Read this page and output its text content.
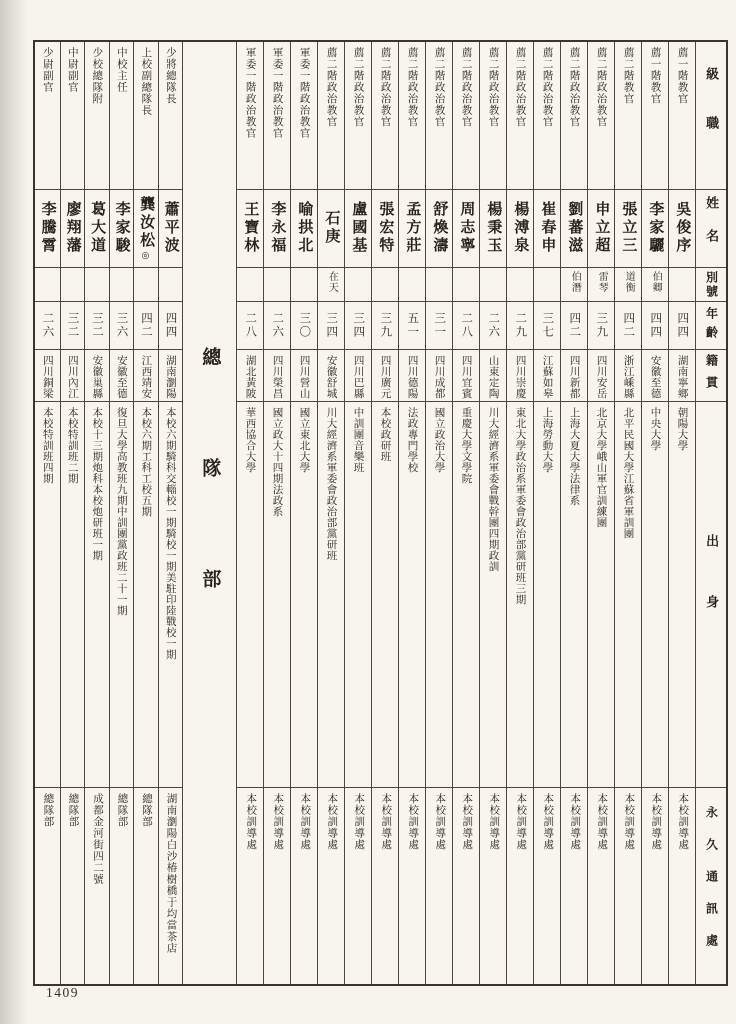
級職
姓名
別號
年齡
籍貫
出身
永久通訊處
薦一階教官
吳俊序
四四
湖南寧鄉
朝陽大學
本校訓導處
薦一階教官
李家驪
伯卿
四四
安徽至德
中央大學
本校訓導處
薦二階教官
張立三
道衡
四二
浙江嵊縣
北平民國大學江蘇省軍訓團
本校訓導處
薦二階政治教官
申立超
雷琴
三九
四川安岳
北京大學峨山軍官訓練團
本校訓導處
薦二階政治教官
劉蕃滋
伯潛
四二
四川新都
上海大夏大學法律系
本校訓導處
薦二階政治教官
崔春申
三七
江蘇如皋
上海勞動大學
本校訓導處
薦二階政治教官
楊溥泉
二九
四川崇慶
東北大學政治系軍委會政治部黨研班三期
本校訓導處
薦二階政治教官
楊秉玉
二六
山東定陶
川大經濟系軍委會戰幹團四期政訓
本校訓導處
薦二階政治教官
周志寧
二八
四川宜賓
重慶大學文學院
本校訓導處
薦二階政治教官
舒煥濤
三一
四川成都
國立政治大學
本校訓導處
薦二階政治教官
孟方莊
五一
四川德陽
法政專門學校
本校訓導處
薦二階政治教官
張宏特
三九
四川廣元
本校政研班
本校訓導處
薦二階政治教官
盧國基
三四
四川巴縣
中訓團音樂班
本校訓導處
薦二階政治教官
石庚
在天
三四
安徽舒城
川大經濟系軍委會政治部黨研班
本校訓導處
軍委一階政治教官
喻拱北
三〇
四川營山
國立東北大學
本校訓導處
軍委一階政治教官
李永福
二六
四川榮昌
國立政大十四期法政系
本校訓導處
軍委一階政治教官
王寶林
二八
湖北黃陂
華西協合大學
本校訓導處
總隊部
少將總隊長
蕭平波
四四
湖南瀏陽
本校六期騎科交輜校一期騎校一期美駐印陸戰校一期
湖南瀏陽白沙椿樹橋于均當茶店
上校副總隊長
龔汝松
◎
四二
江西靖安
本校六期工科工校五期
總隊部
中校主任
李家駿
三六
安徽至德
復旦大學高教班九期中訓團黨政班二十一期
總隊部
少校總隊附
葛大道
三二
安徽巢縣
本校十三期炮科本校炮研班一期
成都金河街四二號
中尉副官
廖翔藩
三二
四川內江
本校特訓班二期
總隊部
少尉副官
李騰霄
二六
四川銅梁
本校特訓班四期
總隊部
1409
